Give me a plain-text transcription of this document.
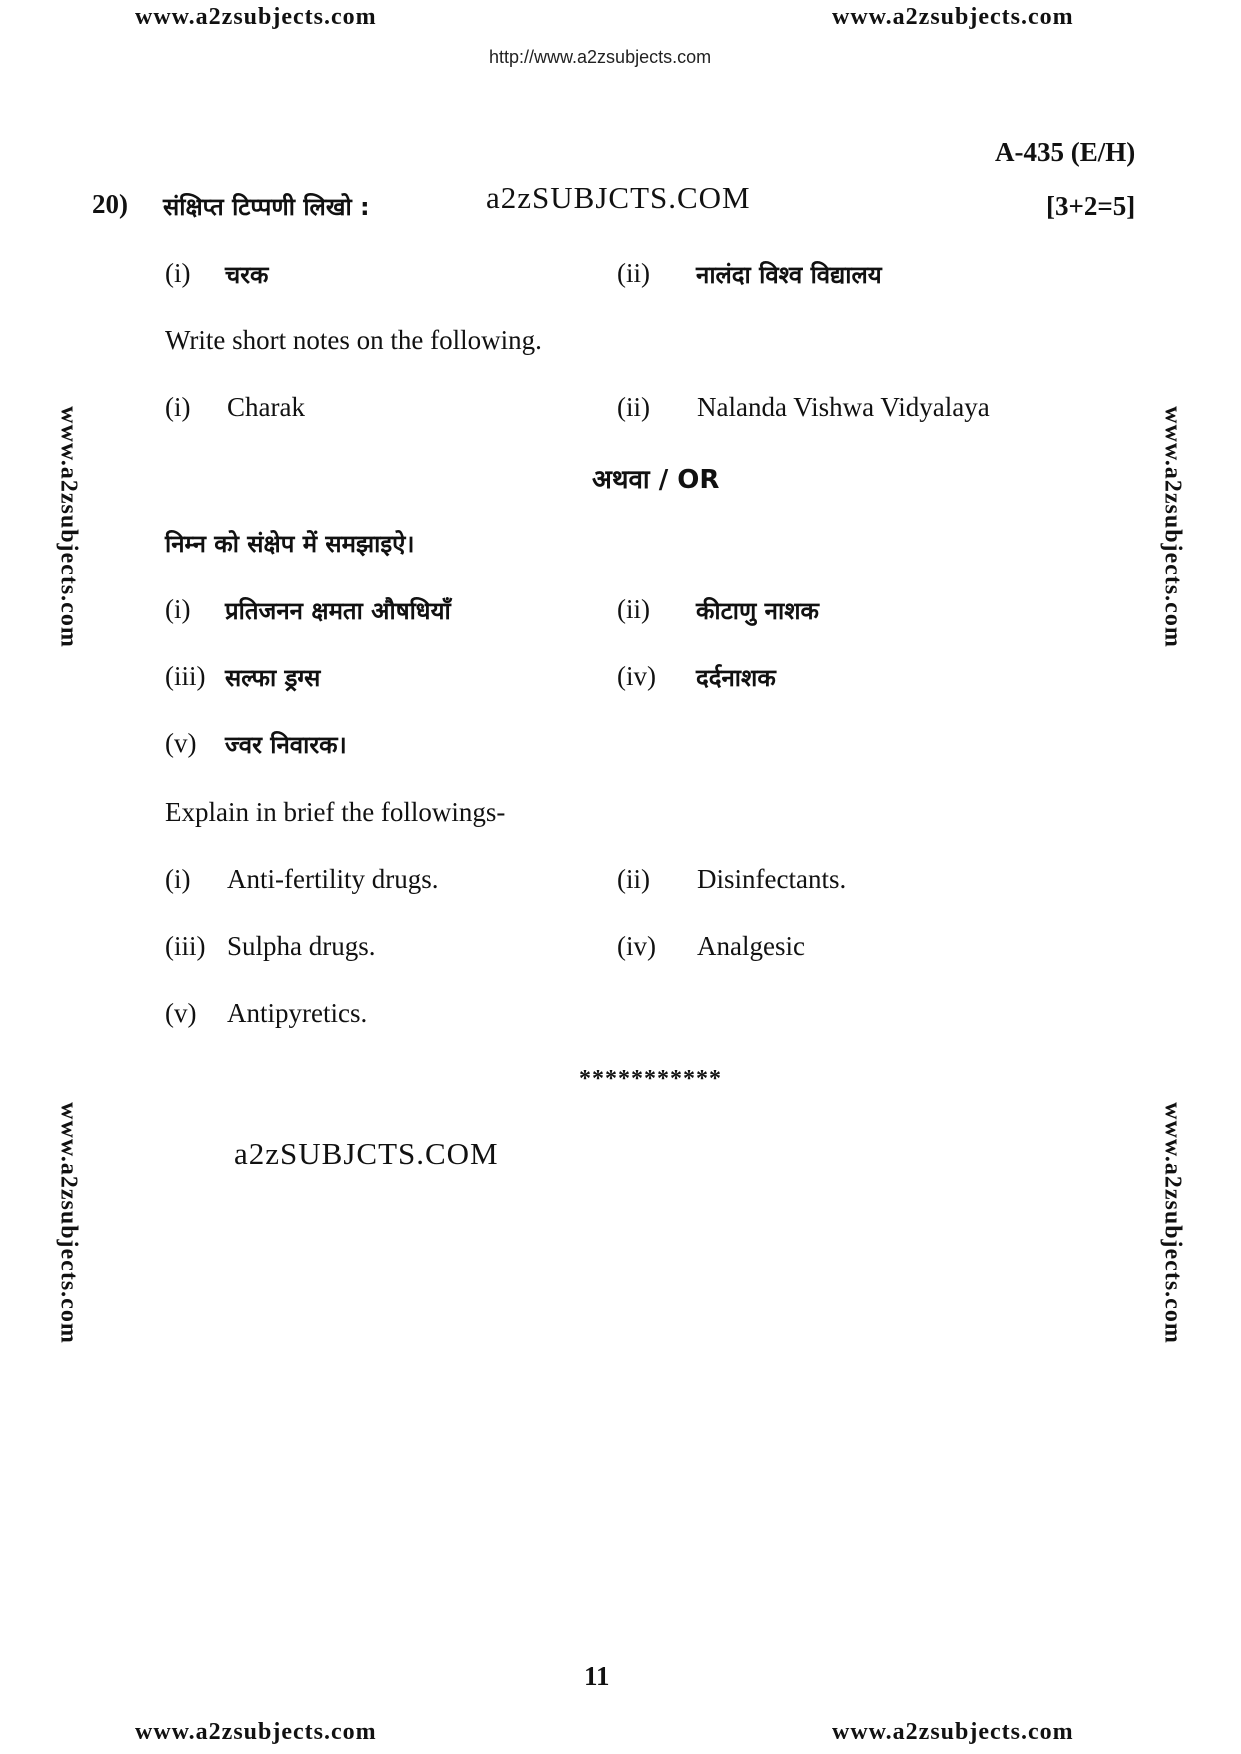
www.a2zsubjects.com	www.a2zsubjects.com
http://www.a2zsubjects.com
www.a2zsubjects.com
www.a2zsubjects.com
www.a2zsubjects.com
www.a2zsubjects.com
A-435 (E/H)
20) संक्षिप्त टिप्पणी लिखो :	a2zSUBJCTS.COM	[3+2=5]
(i) चरक	(ii) नालंदा विश्व विद्यालय
Write short notes on the following.
(i) Charak	(ii) Nalanda Vishwa Vidyalaya
अथवा / OR
निम्न को संक्षेप में समझाइऐ।
(i) प्रतिजनन क्षमता औषधियाँ	(ii) कीटाणु नाशक
(iii) सल्फा ड्रग्स	(iv) दर्दनाशक
(v) ज्वर निवारक।
Explain in brief the followings-
(i) Anti-fertility drugs.	(ii) Disinfectants.
(iii) Sulpha drugs.	(iv) Analgesic
(v) Antipyretics.
***********
a2zSUBJCTS.COM
11
www.a2zsubjects.com	www.a2zsubjects.com
